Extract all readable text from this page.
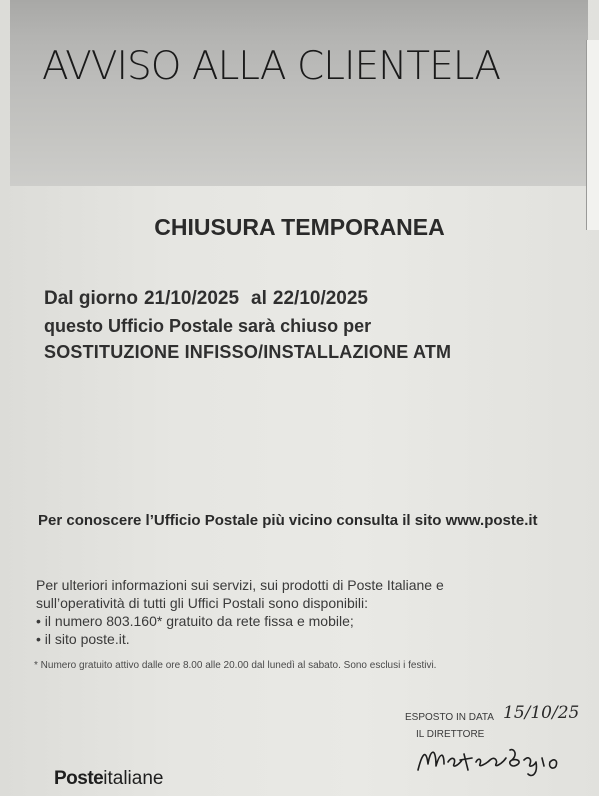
AVVISO ALLA CLIENTELA
CHIUSURA TEMPORANEA
Dal giorno 21/10/2025 al 22/10/2025
questo Ufficio Postale sarà chiuso per
SOSTITUZIONE INFISSO/INSTALLAZIONE ATM
Per conoscere l’Ufficio Postale più vicino consulta il sito www.poste.it
Per ulteriori informazioni sui servizi, sui prodotti di Poste Italiane e
sull’operatività di tutti gli Uffici Postali sono disponibili:
• il numero 803.160* gratuito da rete fissa e mobile;
• il sito poste.it.
* Numero gratuito attivo dalle ore 8.00 alle 20.00 dal lunedì al sabato. Sono esclusi i festivi.
ESPOSTO IN DATA 15/10/25
IL DIRETTORE
Posteitaliane
